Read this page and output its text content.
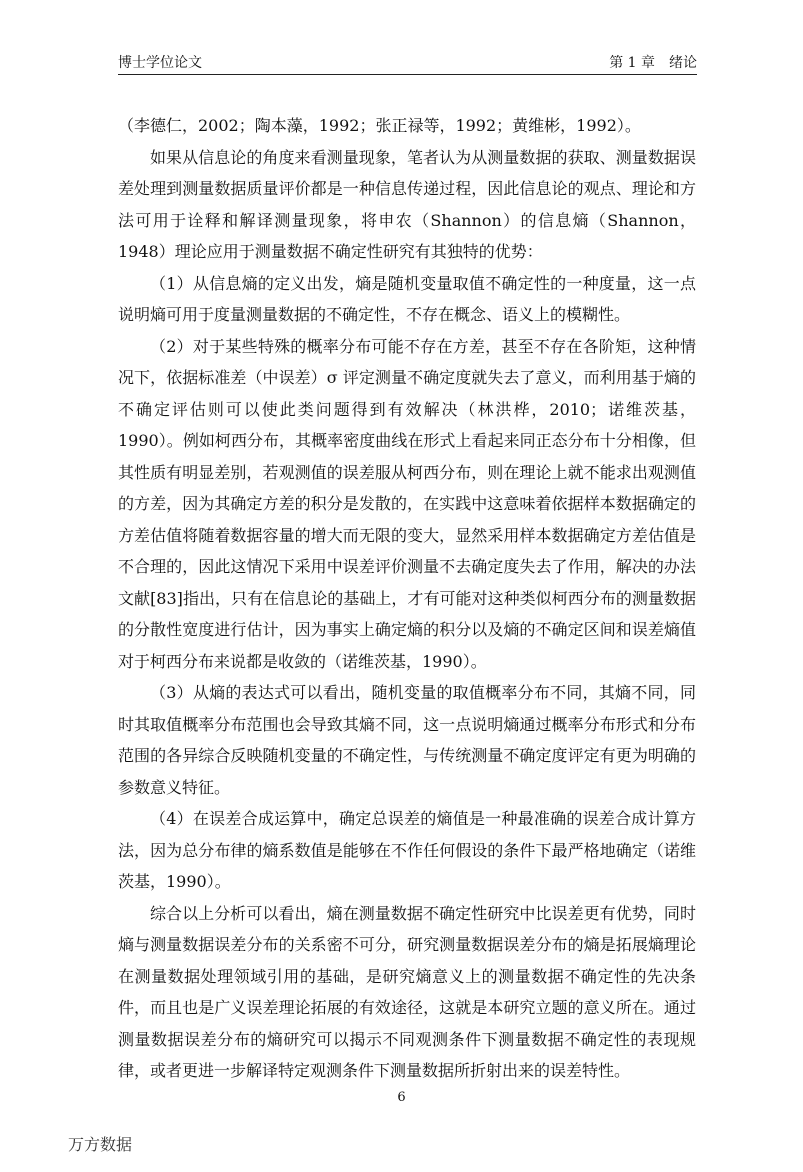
博士学位论文	第 1 章 绪论

（李德仁，2002；陶本藻，1992；张正禄等，1992；黄维彬，1992）。

如果从信息论的角度来看测量现象，笔者认为从测量数据的获取、测量数据误差处理到测量数据质量评价都是一种信息传递过程，因此信息论的观点、理论和方法可用于诠释和解译测量现象，将申农（Shannon）的信息熵（Shannon，1948）理论应用于测量数据不确定性研究有其独特的优势：

（1）从信息熵的定义出发，熵是随机变量取值不确定性的一种度量，这一点说明熵可用于度量测量数据的不确定性，不存在概念、语义上的模糊性。

（2）对于某些特殊的概率分布可能不存在方差，甚至不存在各阶矩，这种情况下，依据标准差（中误差）σ 评定测量不确定度就失去了意义，而利用基于熵的不确定评估则可以使此类问题得到有效解决（林洪桦，2010；诺维茨基，1990）。例如柯西分布，其概率密度曲线在形式上看起来同正态分布十分相像，但其性质有明显差别，若观测值的误差服从柯西分布，则在理论上就不能求出观测值的方差，因为其确定方差的积分是发散的，在实践中这意味着依据样本数据确定的方差估值将随着数据容量的增大而无限的变大，显然采用样本数据确定方差估值是不合理的，因此这情况下采用中误差评价测量不去确定度失去了作用，解决的办法文献[83]指出，只有在信息论的基础上，才有可能对这种类似柯西分布的测量数据的分散性宽度进行估计，因为事实上确定熵的积分以及熵的不确定区间和误差熵值对于柯西分布来说都是收敛的（诺维茨基，1990）。

（3）从熵的表达式可以看出，随机变量的取值概率分布不同，其熵不同，同时其取值概率分布范围也会导致其熵不同，这一点说明熵通过概率分布形式和分布范围的各异综合反映随机变量的不确定性，与传统测量不确定度评定有更为明确的参数意义特征。

（4）在误差合成运算中，确定总误差的熵值是一种最准确的误差合成计算方法，因为总分布律的熵系数值是能够在不作任何假设的条件下最严格地确定（诺维茨基，1990）。

综合以上分析可以看出，熵在测量数据不确定性研究中比误差更有优势，同时熵与测量数据误差分布的关系密不可分，研究测量数据误差分布的熵是拓展熵理论在测量数据处理领域引用的基础，是研究熵意义上的测量数据不确定性的先决条件，而且也是广义误差理论拓展的有效途径，这就是本研究立题的意义所在。通过测量数据误差分布的熵研究可以揭示不同观测条件下测量数据不确定性的表现规律，或者更进一步解译特定观测条件下测量数据所折射出来的误差特性。

6
万方数据
